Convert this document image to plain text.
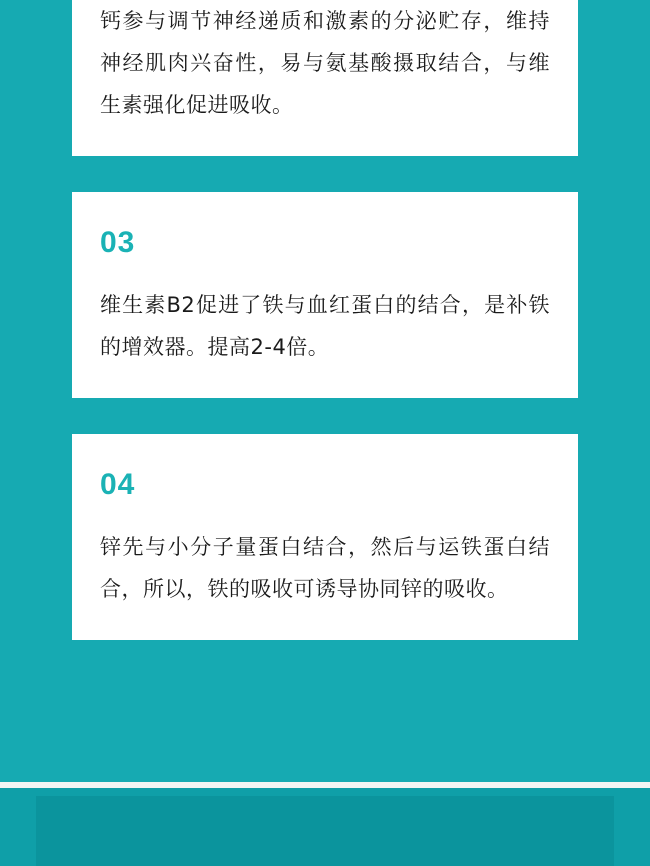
钙参与调节神经递质和激素的分泌贮存，维持神经肌肉兴奋性，易与氨基酸摄取结合，与维生素强化促进吸收。
03
维生素B2促进了铁与血红蛋白的结合，是补铁的增效器。提高2-4倍。
04
锌先与小分子量蛋白结合，然后与运铁蛋白结合，所以，铁的吸收可诱导协同锌的吸收。
